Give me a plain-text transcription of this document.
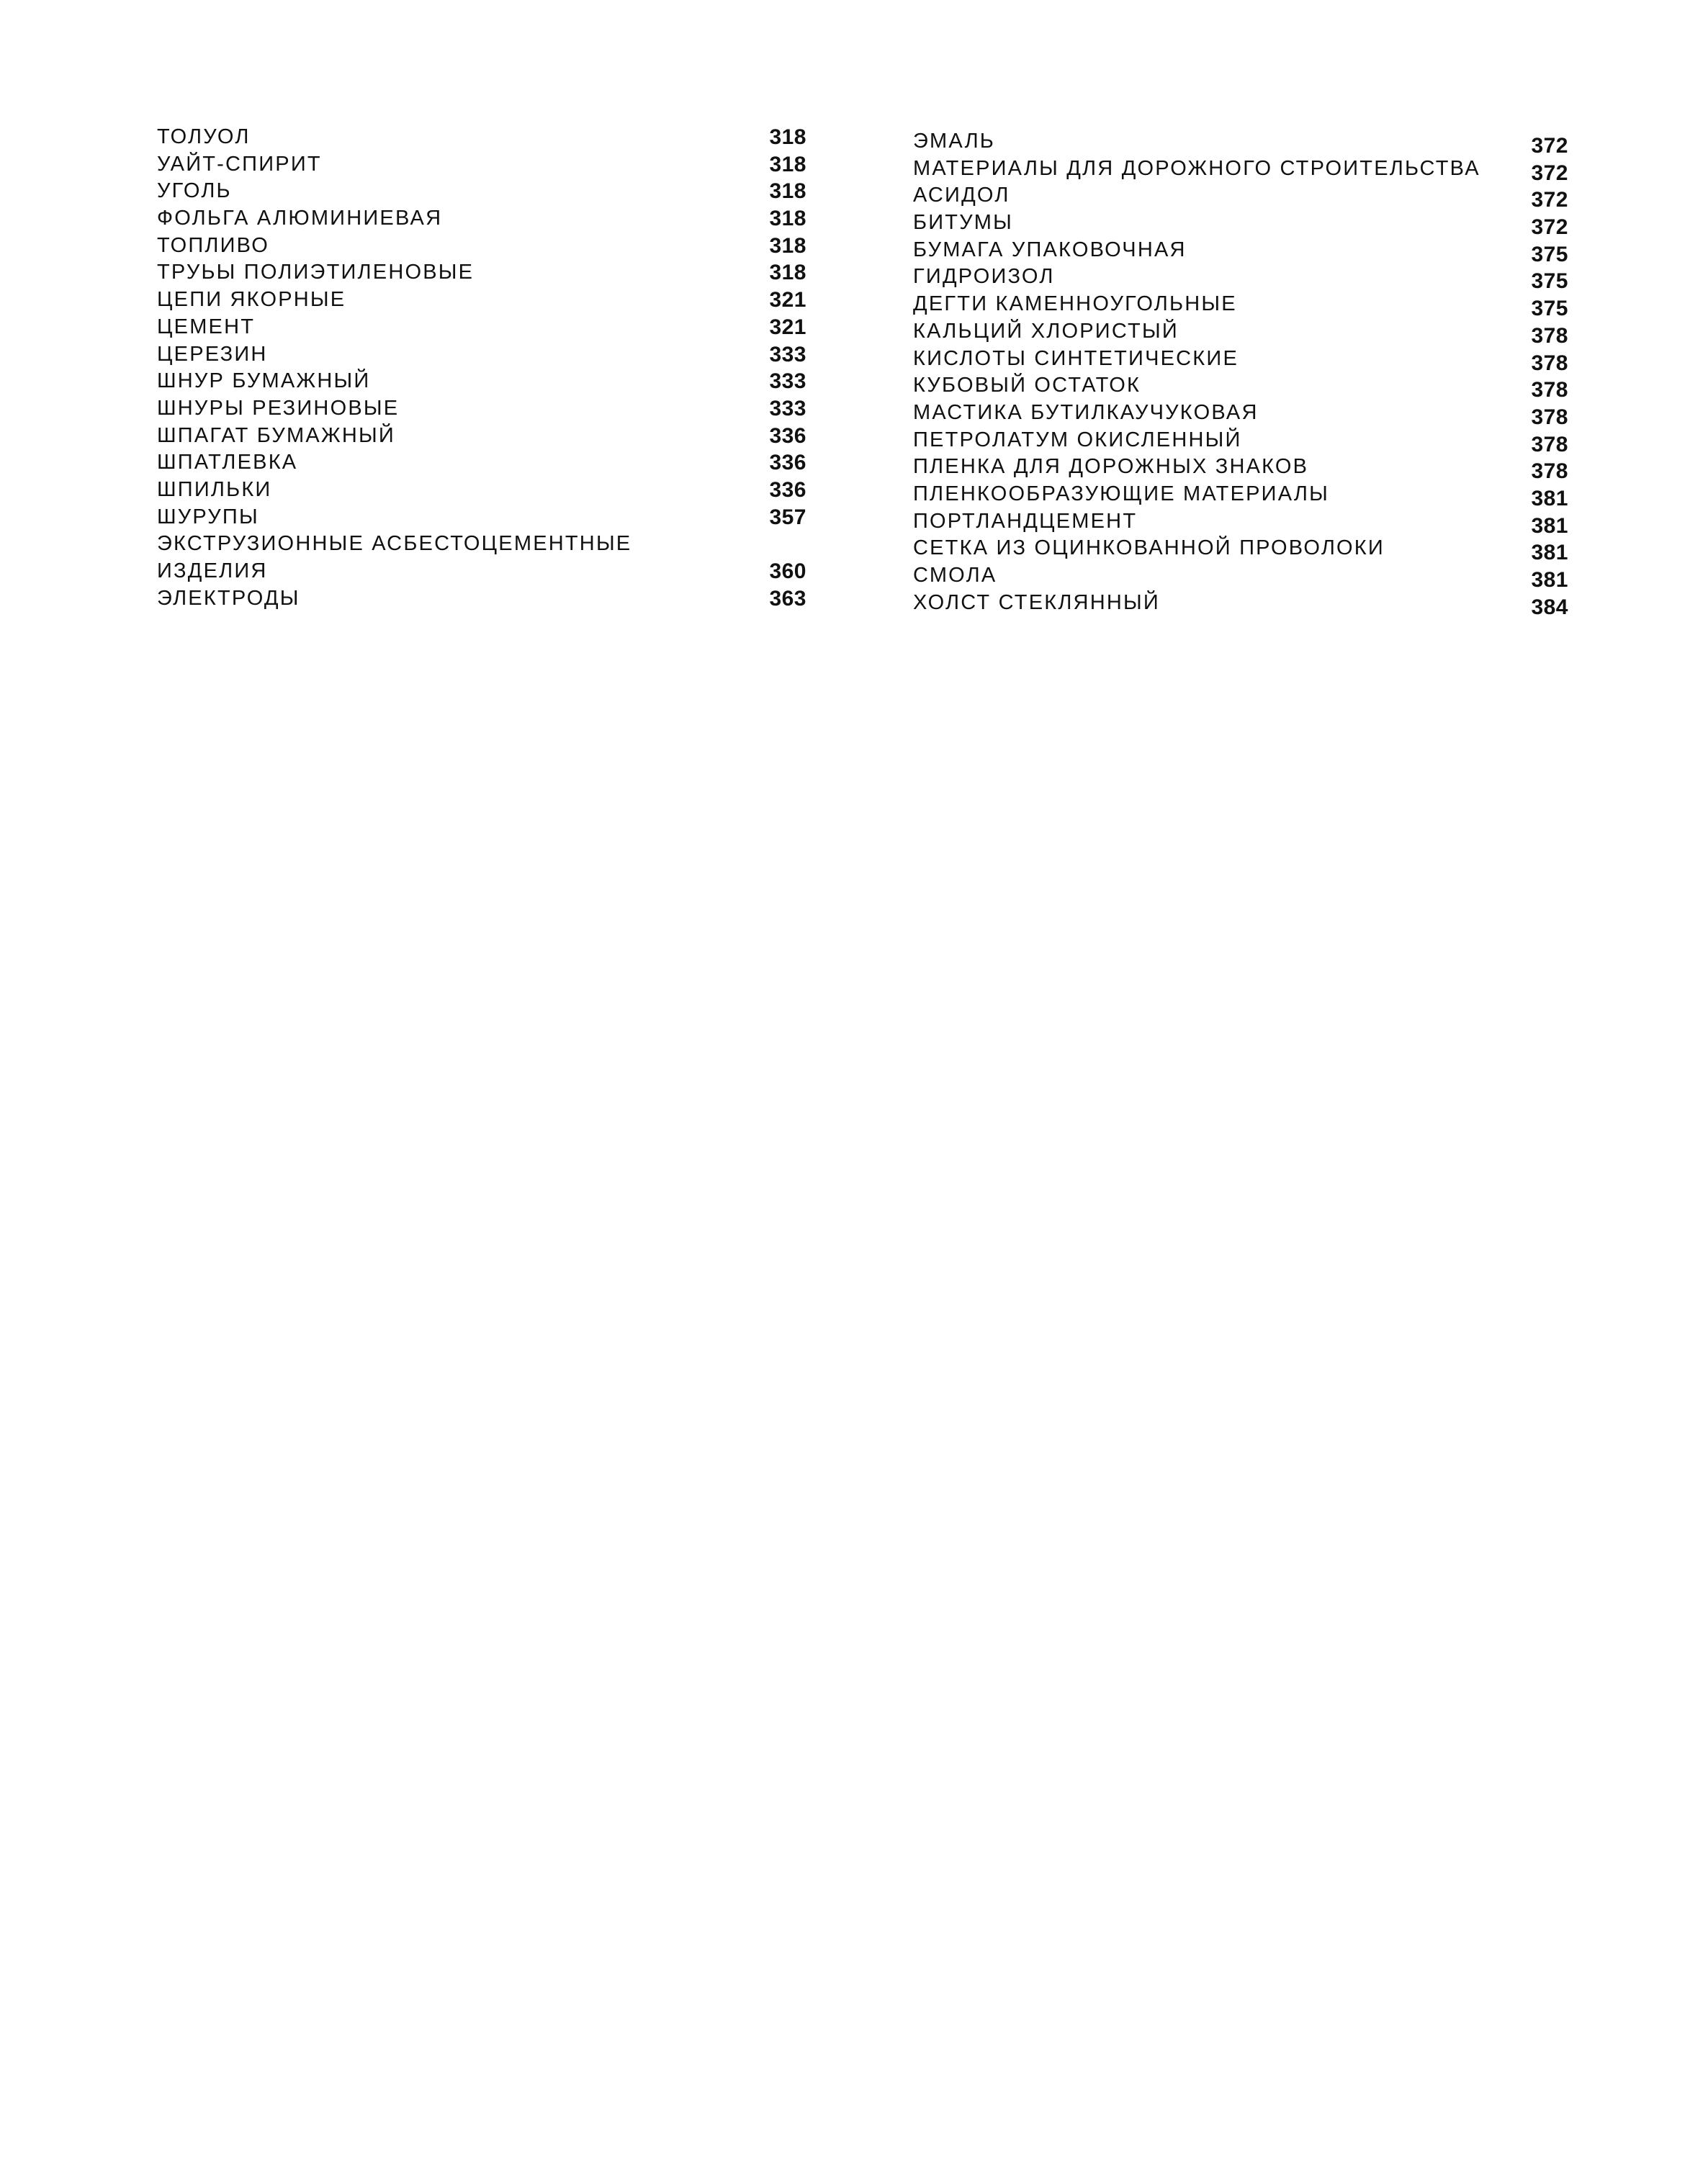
ТОЛУОЛ	318
УАЙТ-СПИРИТ	318
УГОЛЬ	318
ФОЛЬГА АЛЮМИНИЕВАЯ	318
ТОПЛИВО	318
ТРУЬЫ ПОЛИЭТИЛЕНОВЫЕ	318
ЦЕПИ ЯКОРНЫЕ	321
ЦЕМЕНТ	321
ЦЕРЕЗИН	333
ШНУР БУМАЖНЫЙ	333
ШНУРЫ РЕЗИНОВЫЕ	333
ШПАГАТ БУМАЖНЫЙ	336
ШПАТЛЕВКА	336
ШПИЛЬКИ	336
ШУРУПЫ	357
ЭКСТРУЗИОННЫЕ АСБЕСТОЦЕМЕНТНЫЕ
ИЗДЕЛИЯ	360
ЭЛЕКТРОДЫ	363
ЭМАЛЬ	372
МАТЕРИАЛЫ ДЛЯ ДОРОЖНОГО СТРОИТЕЛЬСТВА 372
АСИДОЛ	372
БИТУМЫ	372
БУМАГА УПАКОВОЧНАЯ	375
ГИДРОИЗОЛ	375
ДЕГТИ КАМЕННОУГОЛЬНЫЕ	375
КАЛЬЦИЙ ХЛОРИСТЫЙ	378
КИСЛОТЫ СИНТЕТИЧЕСКИЕ	378
КУБОВЫЙ ОСТАТОК	378
МАСТИКА БУТИЛКАУЧУКОВАЯ	378
ПЕТРОЛАТУМ ОКИСЛЕННЫЙ	378
ПЛЕНКА ДЛЯ ДОРОЖНЫХ ЗНАКОВ	378
ПЛЕНКООБРАЗУЮЩИЕ МАТЕРИАЛЫ	381
ПОРТЛАНДЦЕМЕНТ	381
СЕТКА ИЗ ОЦИНКОВАННОЙ ПРОВОЛОКИ	381
СМОЛА	381
ХОЛСТ СТЕКЛЯННЫЙ	384
